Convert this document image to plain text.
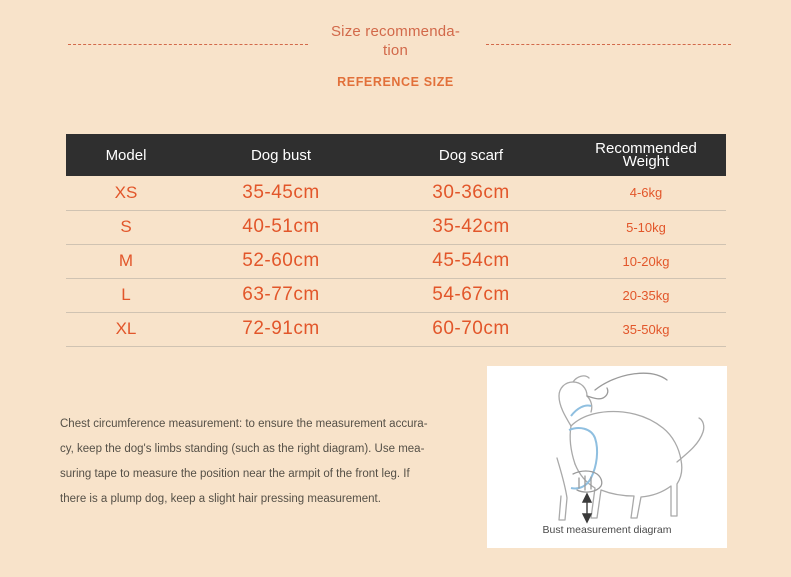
Size recommenda-
tion
REFERENCE SIZE
Model	Dog bust	Dog scarf	Recommended
Weight
XS	35-45cm	30-36cm	4-6kg
S	40-51cm	35-42cm	5-10kg
M	52-60cm	45-54cm	10-20kg
L	63-77cm	54-67cm	20-35kg
XL	72-91cm	60-70cm	35-50kg

Chest circumference measurement: to ensure the measurement accura-

cy, keep the dog's limbs standing (such as the right diagram). Use mea-

suring tape to measure the position near the armpit of the front leg. If

there is a plump dog, keep a slight hair pressing measurement.

Bust measurement diagram
